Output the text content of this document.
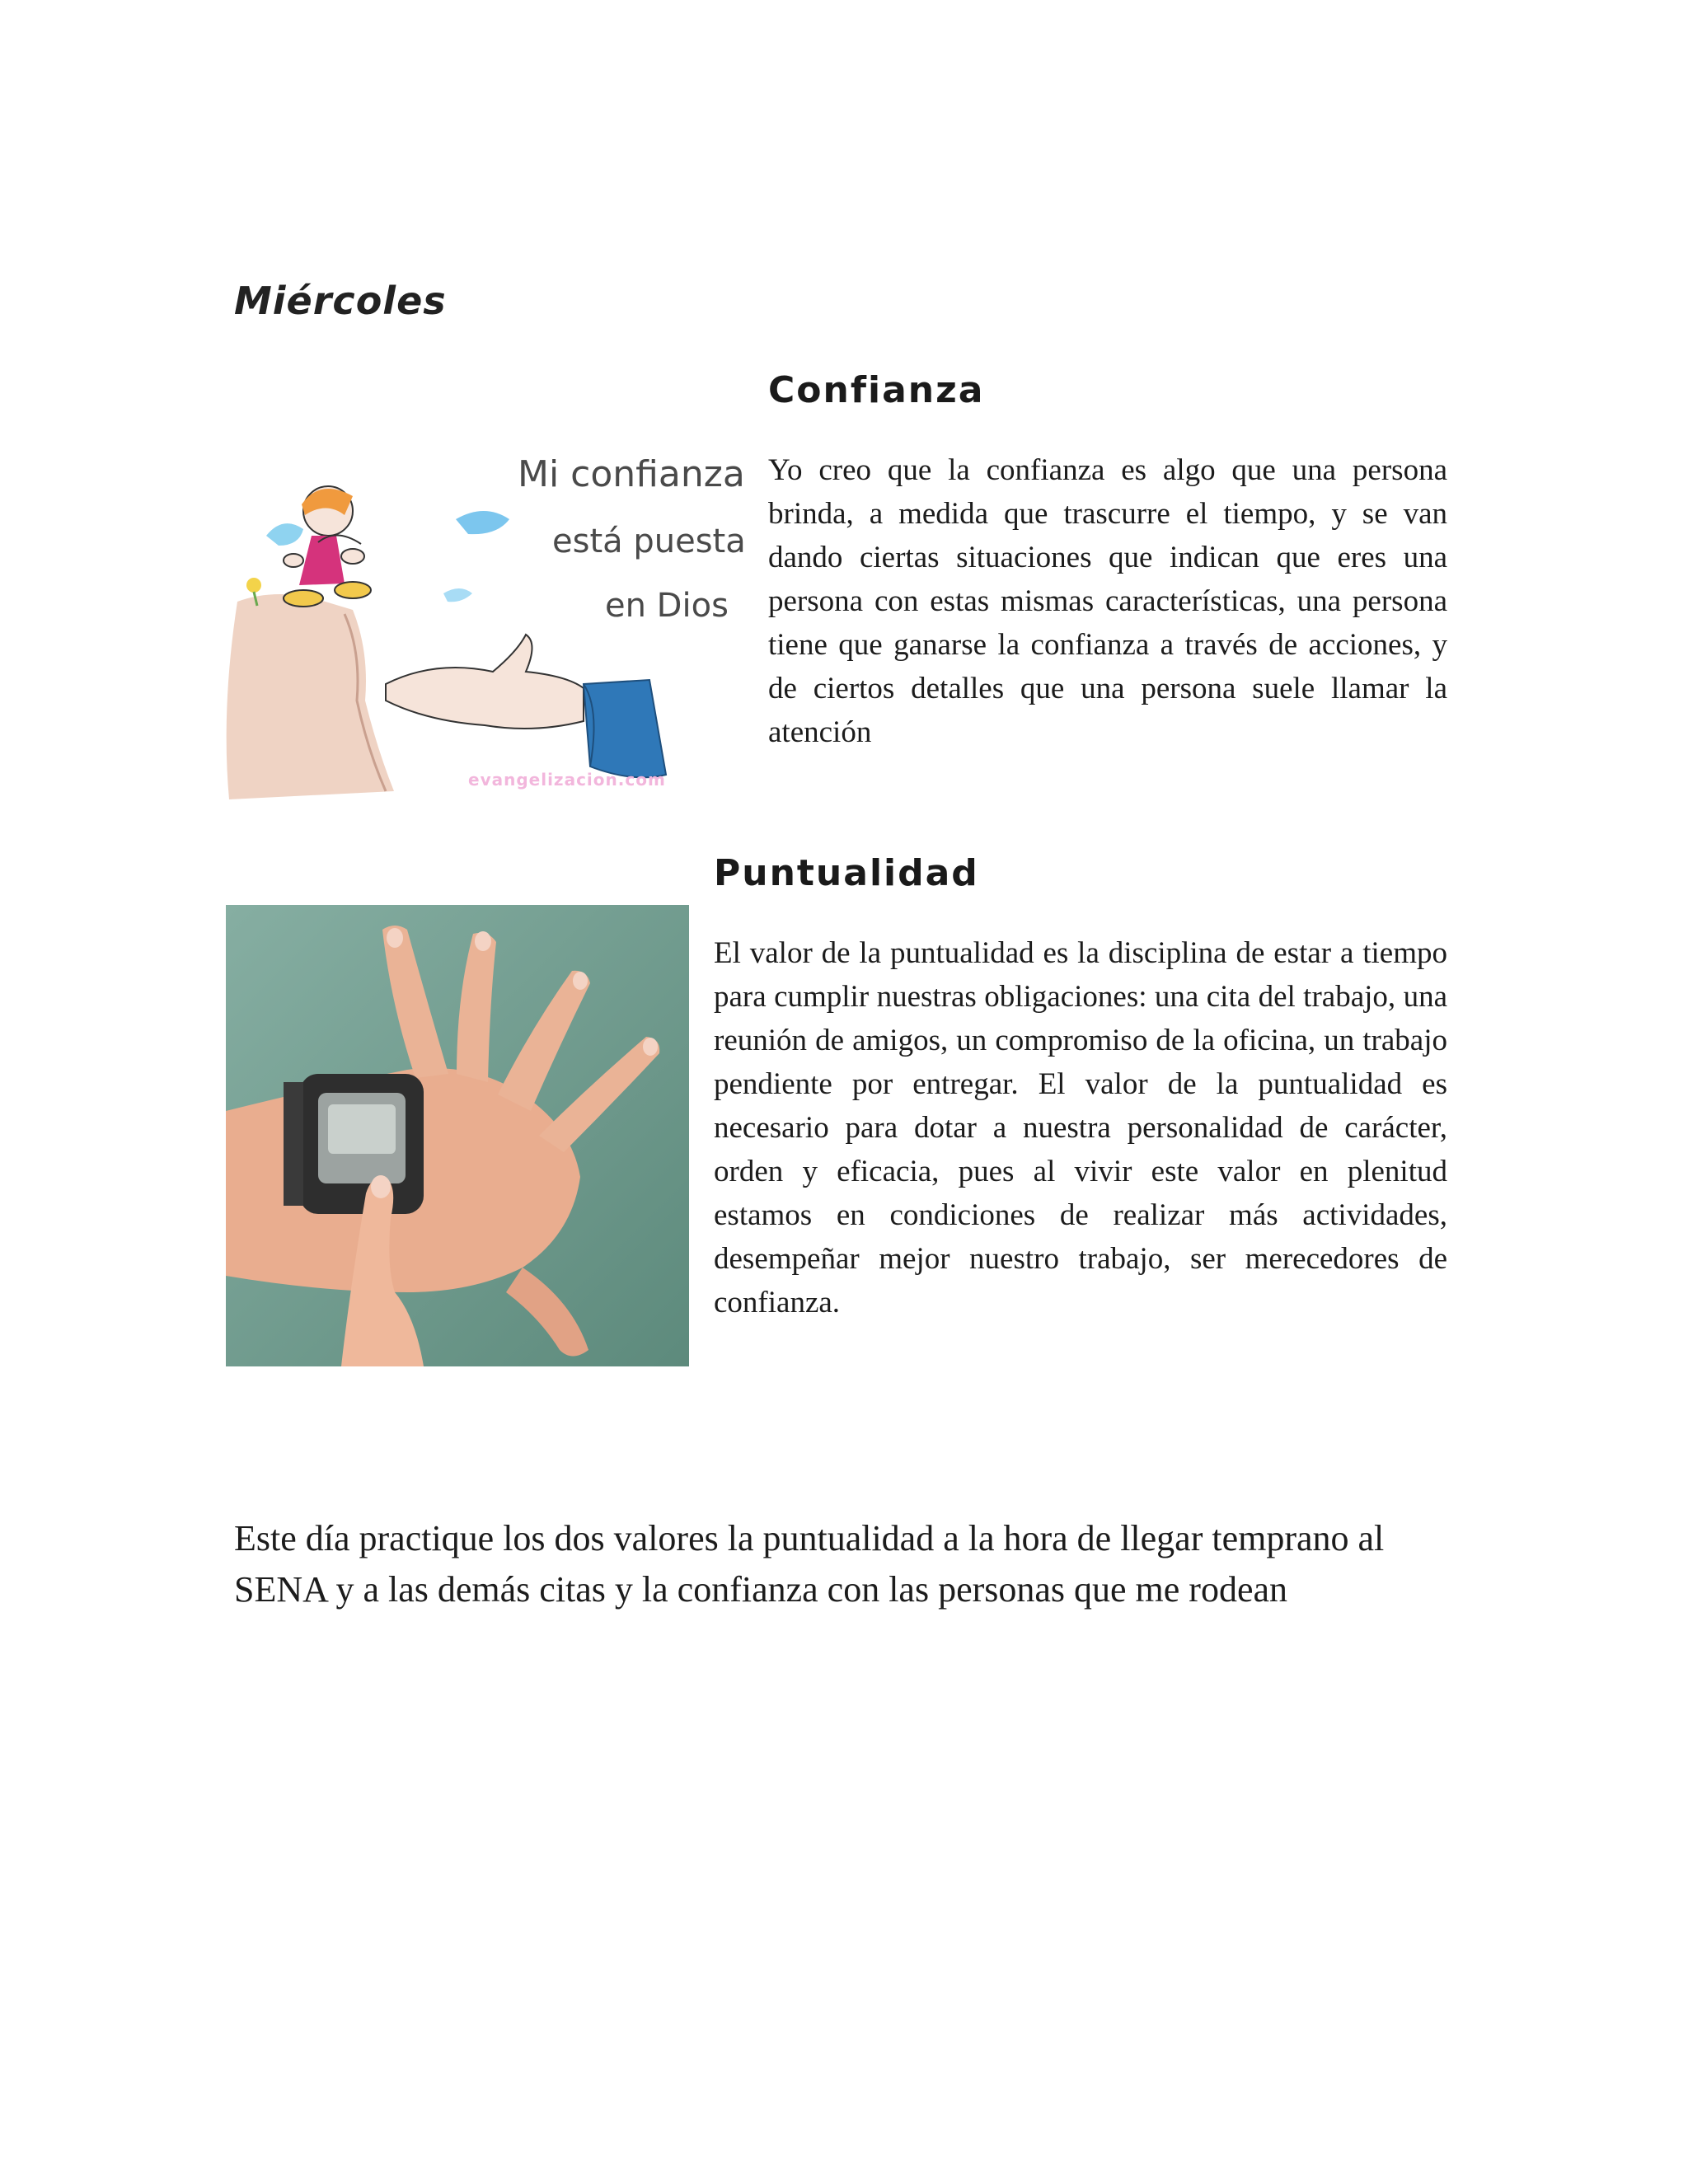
Miércoles
Mi confianza
está puesta
en Dios
evangelizacion.com
Confianza

Yo creo que la confianza es algo que una persona brinda, a medida que trascurre el tiempo, y se van dando ciertas situaciones que indican que eres una persona con estas mismas características, una persona tiene que ganarse la confianza a través de acciones, y de ciertos detalles que una persona suele llamar la atención

Puntualidad

El valor de la puntualidad es la disciplina de estar a tiempo para cumplir nuestras obligaciones: una cita del trabajo, una reunión de amigos, un compromiso de la oficina, un trabajo pendiente por entregar. El valor de la puntualidad es necesario para dotar a nuestra personalidad de carácter, orden y eficacia, pues al vivir este valor en plenitud estamos en condiciones de realizar más actividades, desempeñar mejor nuestro trabajo, ser merecedores de confianza.

Este día practique los dos valores la puntualidad a la hora de llegar temprano al SENA y a las demás citas y la confianza con las personas que me rodean
